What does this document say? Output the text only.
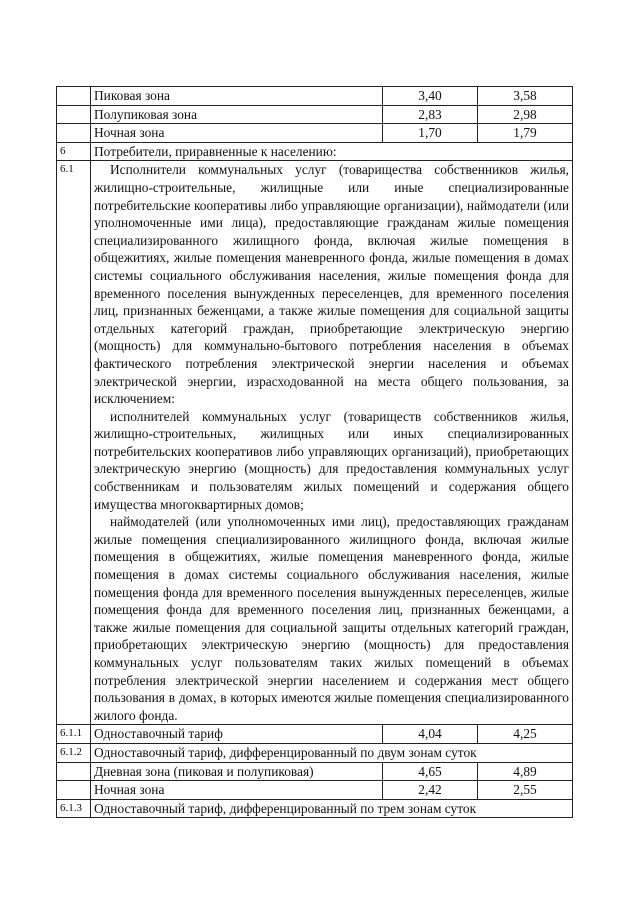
	Пиковая зона	3,40	3,58
	Полупиковая зона	2,83	2,98
	Ночная зона	1,70	1,79
6	Потребители, приравненные к населению:		
6.1	Исполнители коммунальных услуг (товарищества собственников жилья, жилищно-строительные, жилищные или иные специализированные потребительские кооперативы либо управляющие организации), наймодатели (или уполномоченные ими лица), предоставляющие гражданам жилые помещения специализированного жилищного фонда, включая жилые помещения в общежитиях, жилые помещения маневренного фонда, жилые помещения в домах системы социального обслуживания населения, жилые помещения фонда для временного поселения вынужденных переселенцев, для временного поселения лиц, признанных беженцами, а также жилые помещения для социальной защиты отдельных категорий граждан, приобретающие электрическую энергию (мощность) для коммунально-бытового потребления населения в объемах фактического потребления электрической энергии населения и объемах электрической энергии, израсходованной на места общего пользования, за исключением:

исполнителей коммунальных услуг (товариществ собственников жилья, жилищно-строительных, жилищных или иных специализированных потребительских кооперативов либо управляющих организаций), приобретающих электрическую энергию (мощность) для предоставления коммунальных услуг собственникам и пользователям жилых помещений и содержания общего имущества многоквартирных домов;

наймодателей (или уполномоченных ими лиц), предоставляющих гражданам жилые помещения специализированного жилищного фонда, включая жилые помещения в общежитиях, жилые помещения маневренного фонда, жилые помещения в домах системы социального обслуживания населения, жилые помещения фонда для временного поселения вынужденных переселенцев, жилые помещения фонда для временного поселения лиц, признанных беженцами, а также жилые помещения для социальной защиты отдельных категорий граждан, приобретающих электрическую энергию (мощность) для предоставления коммунальных услуг пользователям таких жилых помещений в объемах потребления электрической энергии населением и содержания мест общего пользования в домах, в которых имеются жилые помещения специализированного жилого фонда.		

6.1.1	Одноставочный тариф	4,04	4,25
6.1.2	Одноставочный тариф, дифференцированный по двум зонам суток		
	Дневная зона (пиковая и полупиковая)	4,65	4,89
	Ночная зона	2,42	2,55
6.1.3	Одноставочный тариф, дифференцированный по трем зонам суток		
